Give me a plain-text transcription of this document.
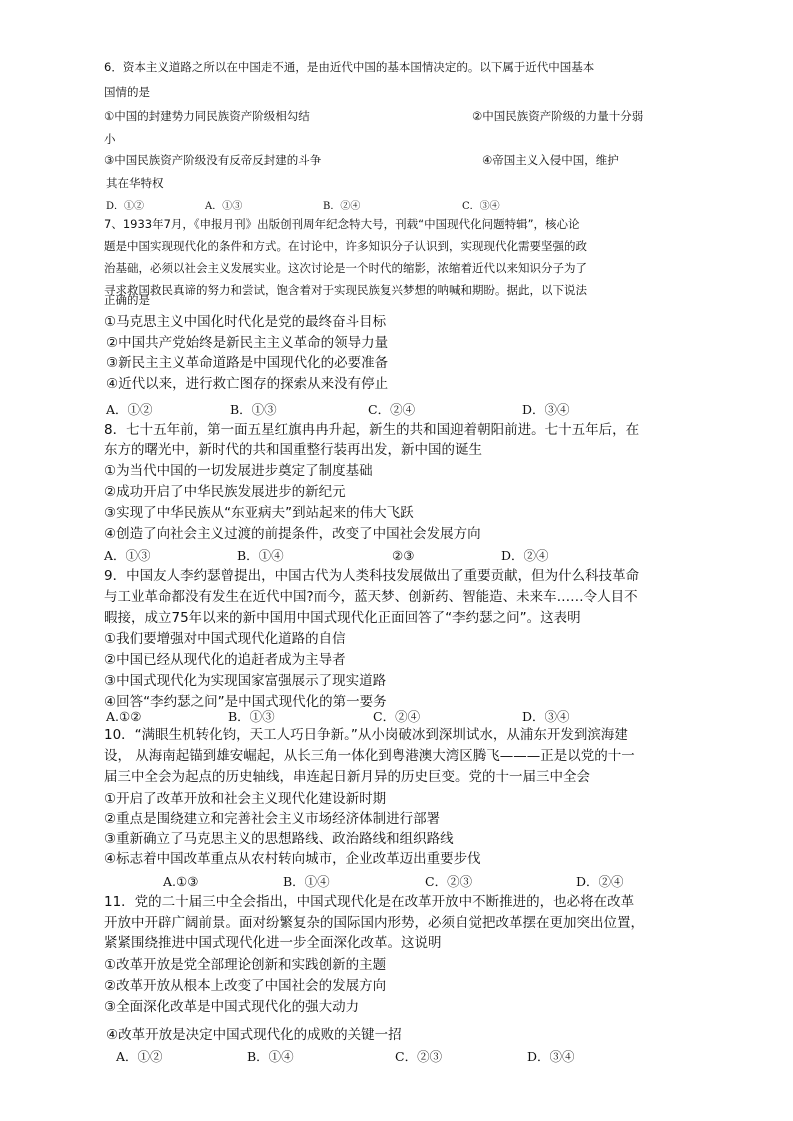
6．资本主义道路之所以在中国走不通，是由近代中国的基本国情决定的。以下属于近代中国基本
国情的是
①中国的封建势力同民族资产阶级相勾结	②中国民族资产阶级的力量十分弱
小
③中国民族资产阶级没有反帝反封建的斗争	④帝国主义入侵中国，维护
其在华特权
D．①②	A．①③	B．②④	C．③④
7、1933年7月，《申报月刊》出版创刊周年纪念特大号，刊载“中国现代化问题特辑”，核心论
题是中国实现现代化的条件和方式。在讨论中，许多知识分子认识到，实现现代化需要坚强的政
治基础，必须以社会主义发展实业。这次讨论是一个时代的缩影，浓缩着近代以来知识分子为了
寻求救国救民真谛的努力和尝试，饱含着对于实现民族复兴梦想的呐喊和期盼。据此，以下说法
正确的是
①马克思主义中国化时代化是党的最终奋斗目标
②中国共产党始终是新民主主义革命的领导力量
③新民主主义革命道路是中国现代化的必要准备
④近代以来，进行救亡图存的探索从来没有停止
A．①②	B．①③	C．②④	D．③④
8．七十五年前，第一面五星红旗冉冉升起，新生的共和国迎着朝阳前进。七十五年后，在
东方的曙光中，新时代的共和国重整行装再出发，新中国的诞生
①为当代中国的一切发展进步奠定了制度基础
②成功开启了中华民族发展进步的新纪元
③实现了中华民族从“东亚病夫”到站起来的伟大飞跃
④创造了向社会主义过渡的前提条件，改变了中国社会发展方向
A．①③	B．①④	②③	D．②④
9．中国友人李约瑟曾提出，中国古代为人类科技发展做出了重要贡献，但为什么科技革命
与工业革命都没有发生在近代中国?而今，蓝天梦、创新药、智能造、未来车……令人目不
暇接，成立75年以来的新中国用中国式现代化正面回答了“李约瑟之问”。这表明
①我们要增强对中国式现代化道路的自信
②中国已经从现代化的追赶者成为主导者
③中国式现代化为实现国家富强展示了现实道路
④回答“李约瑟之问”是中国式现代化的第一要务
A.①②	B．①③	C．②④	D．③④
10．“满眼生机转化钧，天工人巧日争新。”从小岗破冰到深圳试水，从浦东开发到滨海建
设， 从海南起锚到雄安崛起，从长三角一体化到粤港澳大湾区腾飞———正是以党的十一
届三中全会为起点的历史轴线，串连起日新月异的历史巨变。党的十一届三中全会
①开启了改革开放和社会主义现代化建设新时期
②重点是围绕建立和完善社会主义市场经济体制进行部署
③重新确立了马克思主义的思想路线、政治路线和组织路线
④标志着中国改革重点从农村转向城市，企业改革迈出重要步伐
A.①③	B．①④	C．②③	D．②④
11．党的二十届三中全会指出，中国式现代化是在改革开放中不断推进的，也必将在改革
开放中开辟广阔前景。面对纷繁复杂的国际国内形势，必须自觉把改革摆在更加突出位置，
紧紧围绕推进中国式现代化进一步全面深化改革。这说明
①改革开放是党全部理论创新和实践创新的主题
②改革开放从根本上改变了中国社会的发展方向
③全面深化改革是中国式现代化的强大动力
④改革开放是决定中国式现代化的成败的关键一招
A．①②	B．①④	C．②③	D．③④
